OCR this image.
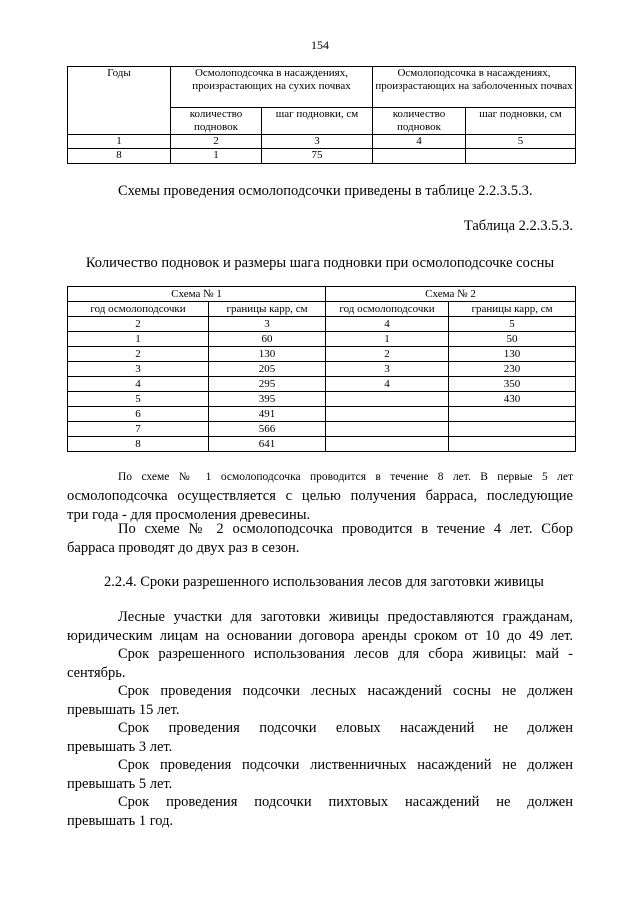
154
Годы	Осмолоподсочка в насаждениях, произрастающих на сухих почвах		Осмолоподсочка в насаждениях, произрастающих на заболоченных почвах	
	количество подновок	шаг подновки, см	количество подновок	шаг подновки, см
1	2	3	4	5
8	1	75		
Схемы проведения осмолоподсочки приведены в таблице 2.2.3.5.3.
Таблица 2.2.3.5.3.
Количество подновок и размеры шага подновки при осмолоподсочке сосны
Схема № 1		Схема № 2	
год осмолоподсочки	границы карр, см	год осмолоподсочки	границы карр, см
2	3	4	5
1	60	1	50
2	130	2	130
3	205	3	230
4	295	4	350
5	395		430
6	491		
7	566		
8	641		
По схеме № 1 осмолоподсочка проводится в течение 8 лет. В первые 5 лет
осмолоподсочка осуществляется с целью получения барраса, последующие
три года - для просмоления древесины.
По схеме № 2 осмолоподсочка проводится в течение 4 лет. Сбор
барраса проводят до двух раз в сезон.
2.2.4. Сроки разрешенного использования лесов для заготовки живицы
Лесные участки для заготовки живицы предоставляются гражданам,
юридическим лицам на основании договора аренды сроком от 10 до 49 лет.
Срок разрешенного использования лесов для сбора живицы: май -
сентябрь.
Срок проведения подсочки лесных насаждений сосны не должен
превышать 15 лет.
Срок проведения подсочки еловых насаждений не должен
превышать 3 лет.
Срок проведения подсочки лиственничных насаждений не должен
превышать 5 лет.
Срок проведения подсочки пихтовых насаждений не должен
превышать 1 год.
